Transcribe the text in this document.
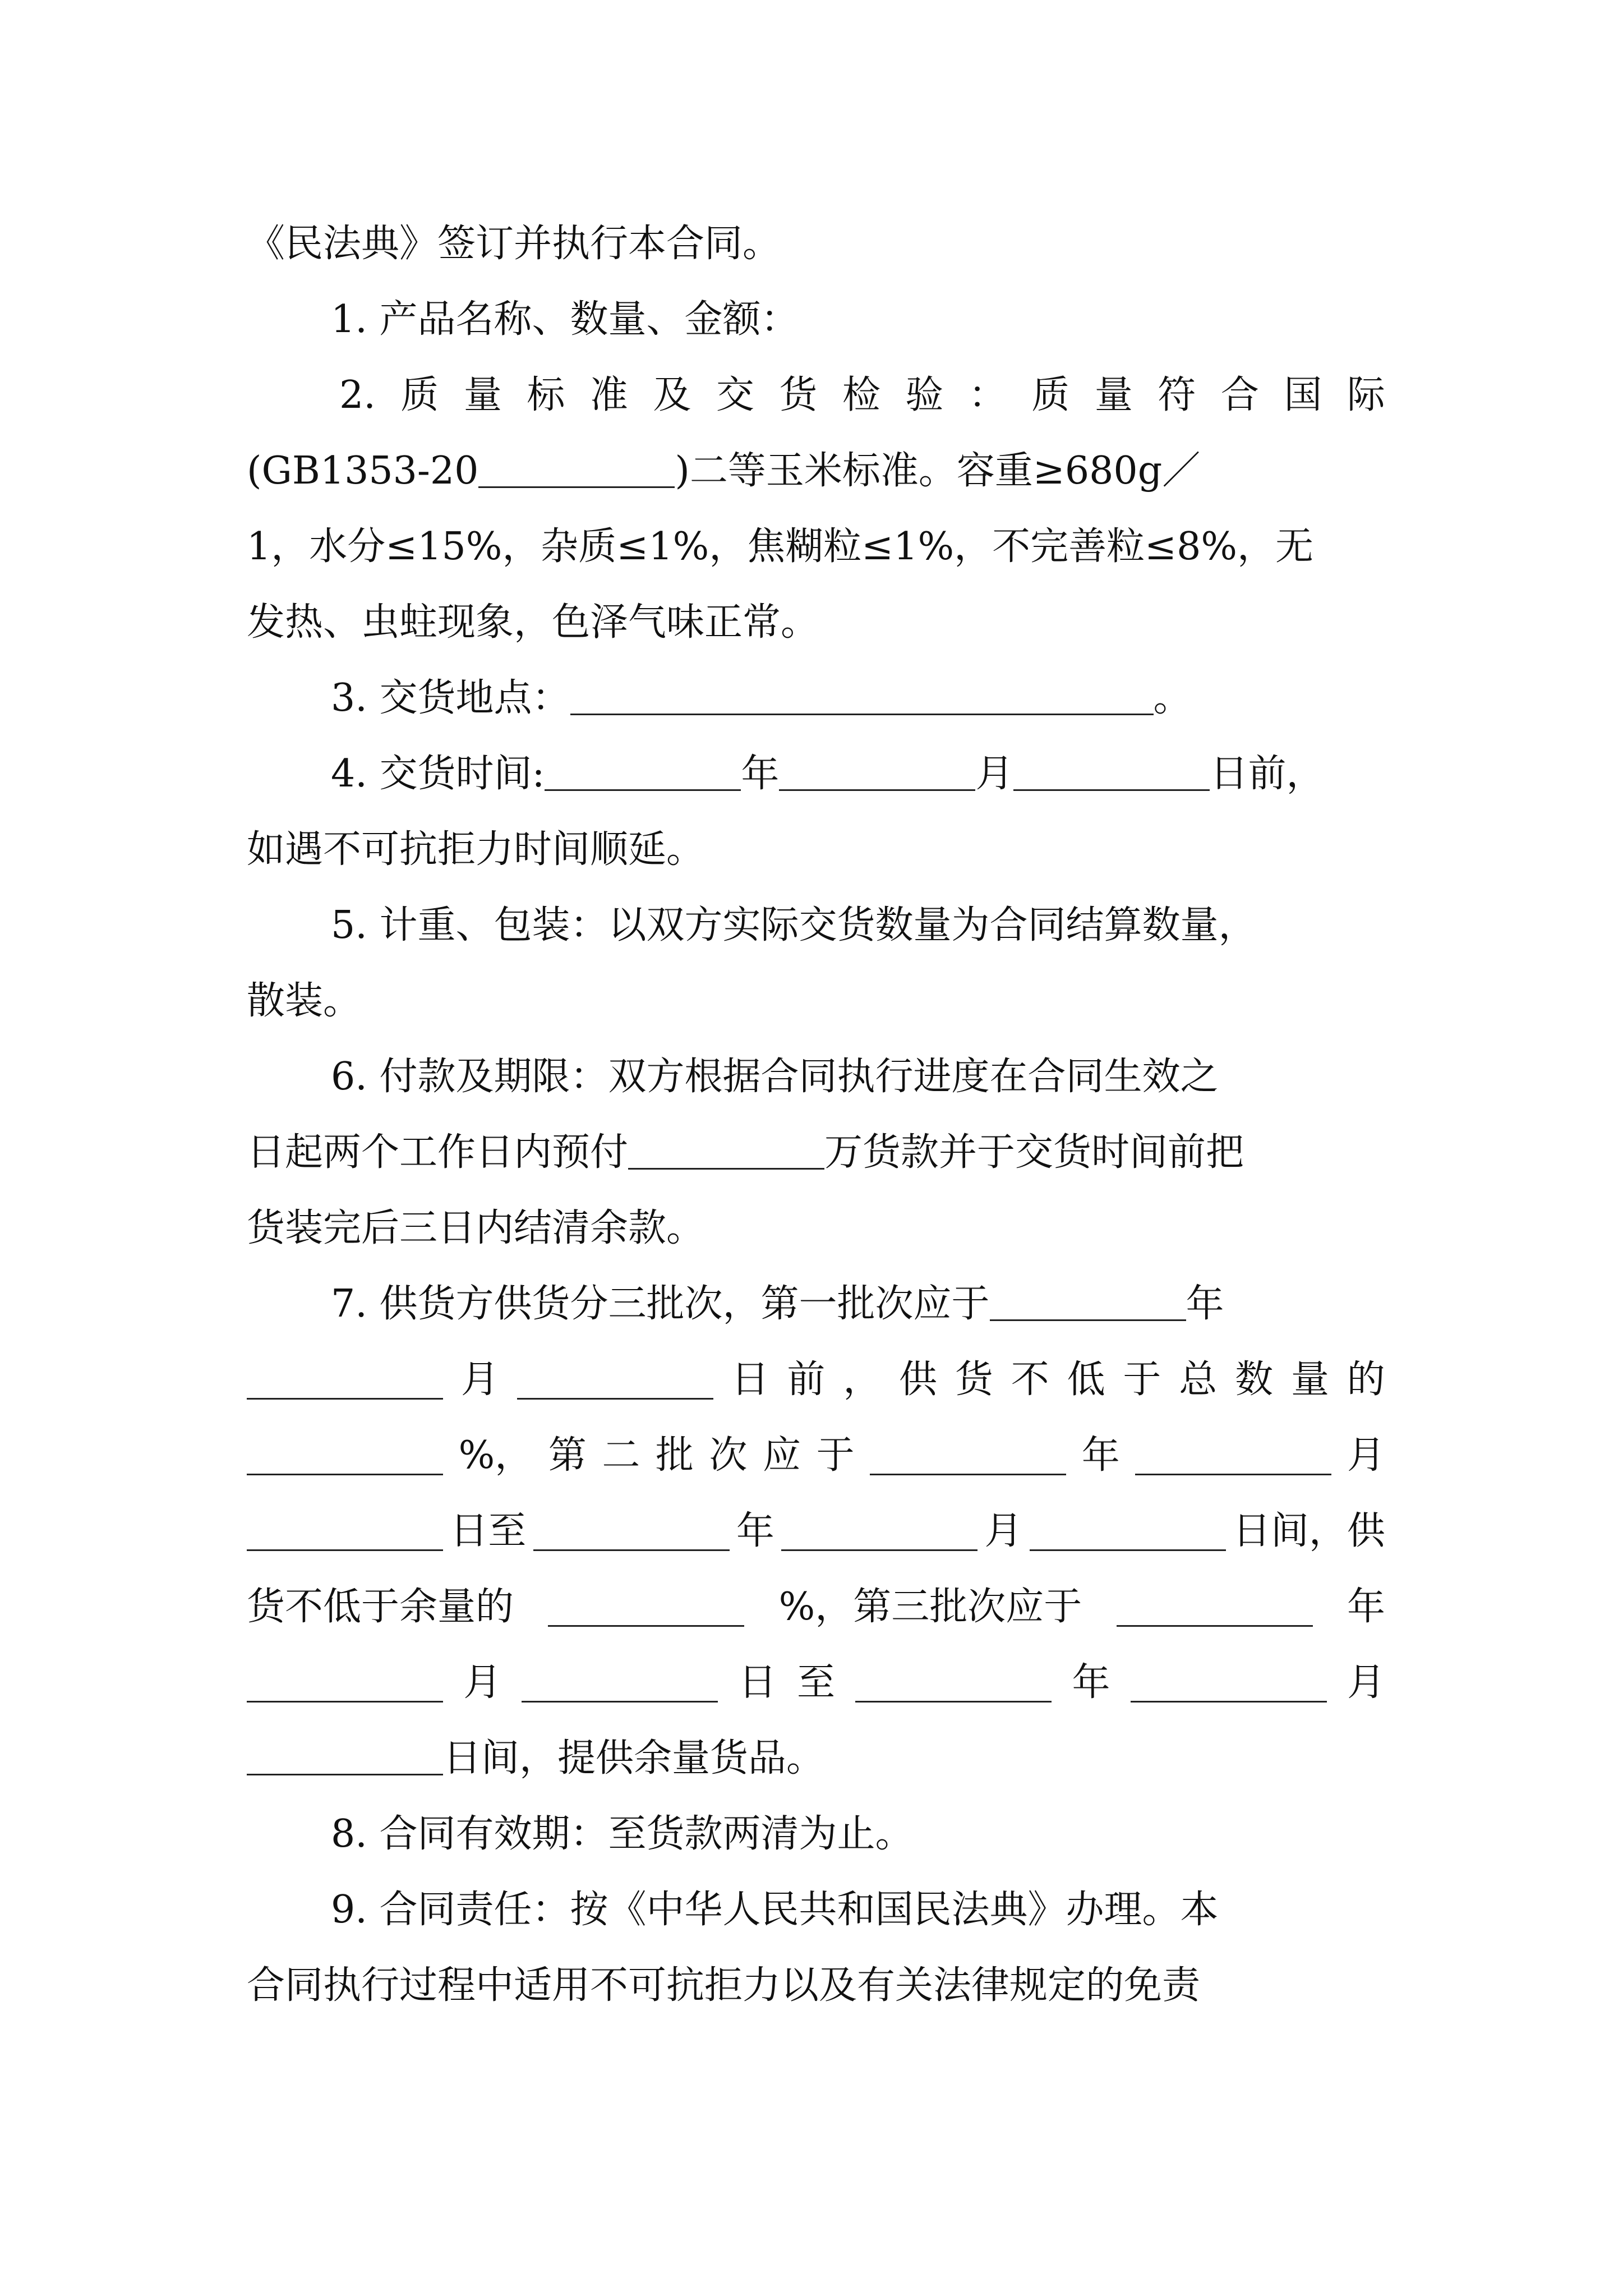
《民法典》签订并执行本合同。
1. 产品名称、数量、金额：
2. 质 量 标 准 及 交 货 检 验 ： 质 量 符 合 国 际
(GB1353-20	)二等玉米标准。容重≥680g／
1，水分≤15%，杂质≤1%，焦糊粒≤1%，不完善粒≤8%，无
发热、虫蛀现象，色泽气味正常。
3. 交货地点：	。
4. 交货时间:	年	月	日前，
如遇不可抗拒力时间顺延。
5. 计重、包装：以双方实际交货数量为合同结算数量，
散装。
6. 付款及期限：双方根据合同执行进度在合同生效之
日起两个工作日内预付	万货款并于交货时间前把
货装完后三日内结清余款。
7. 供货方供货分三批次，第一批次应于	年
月	日 前 ， 供 货 不 低 于 总 数 量 的
%， 第 二 批 次 应 于	年	月
日至	年	月	日间，供
货不低于余量的	%，第三批次应于	年
月	日 至	年	月
日间，提供余量货品。
8. 合同有效期：至货款两清为止。
9. 合同责任：按《中华人民共和国民法典》办理。本
合同执行过程中适用不可抗拒力以及有关法律规定的免责
